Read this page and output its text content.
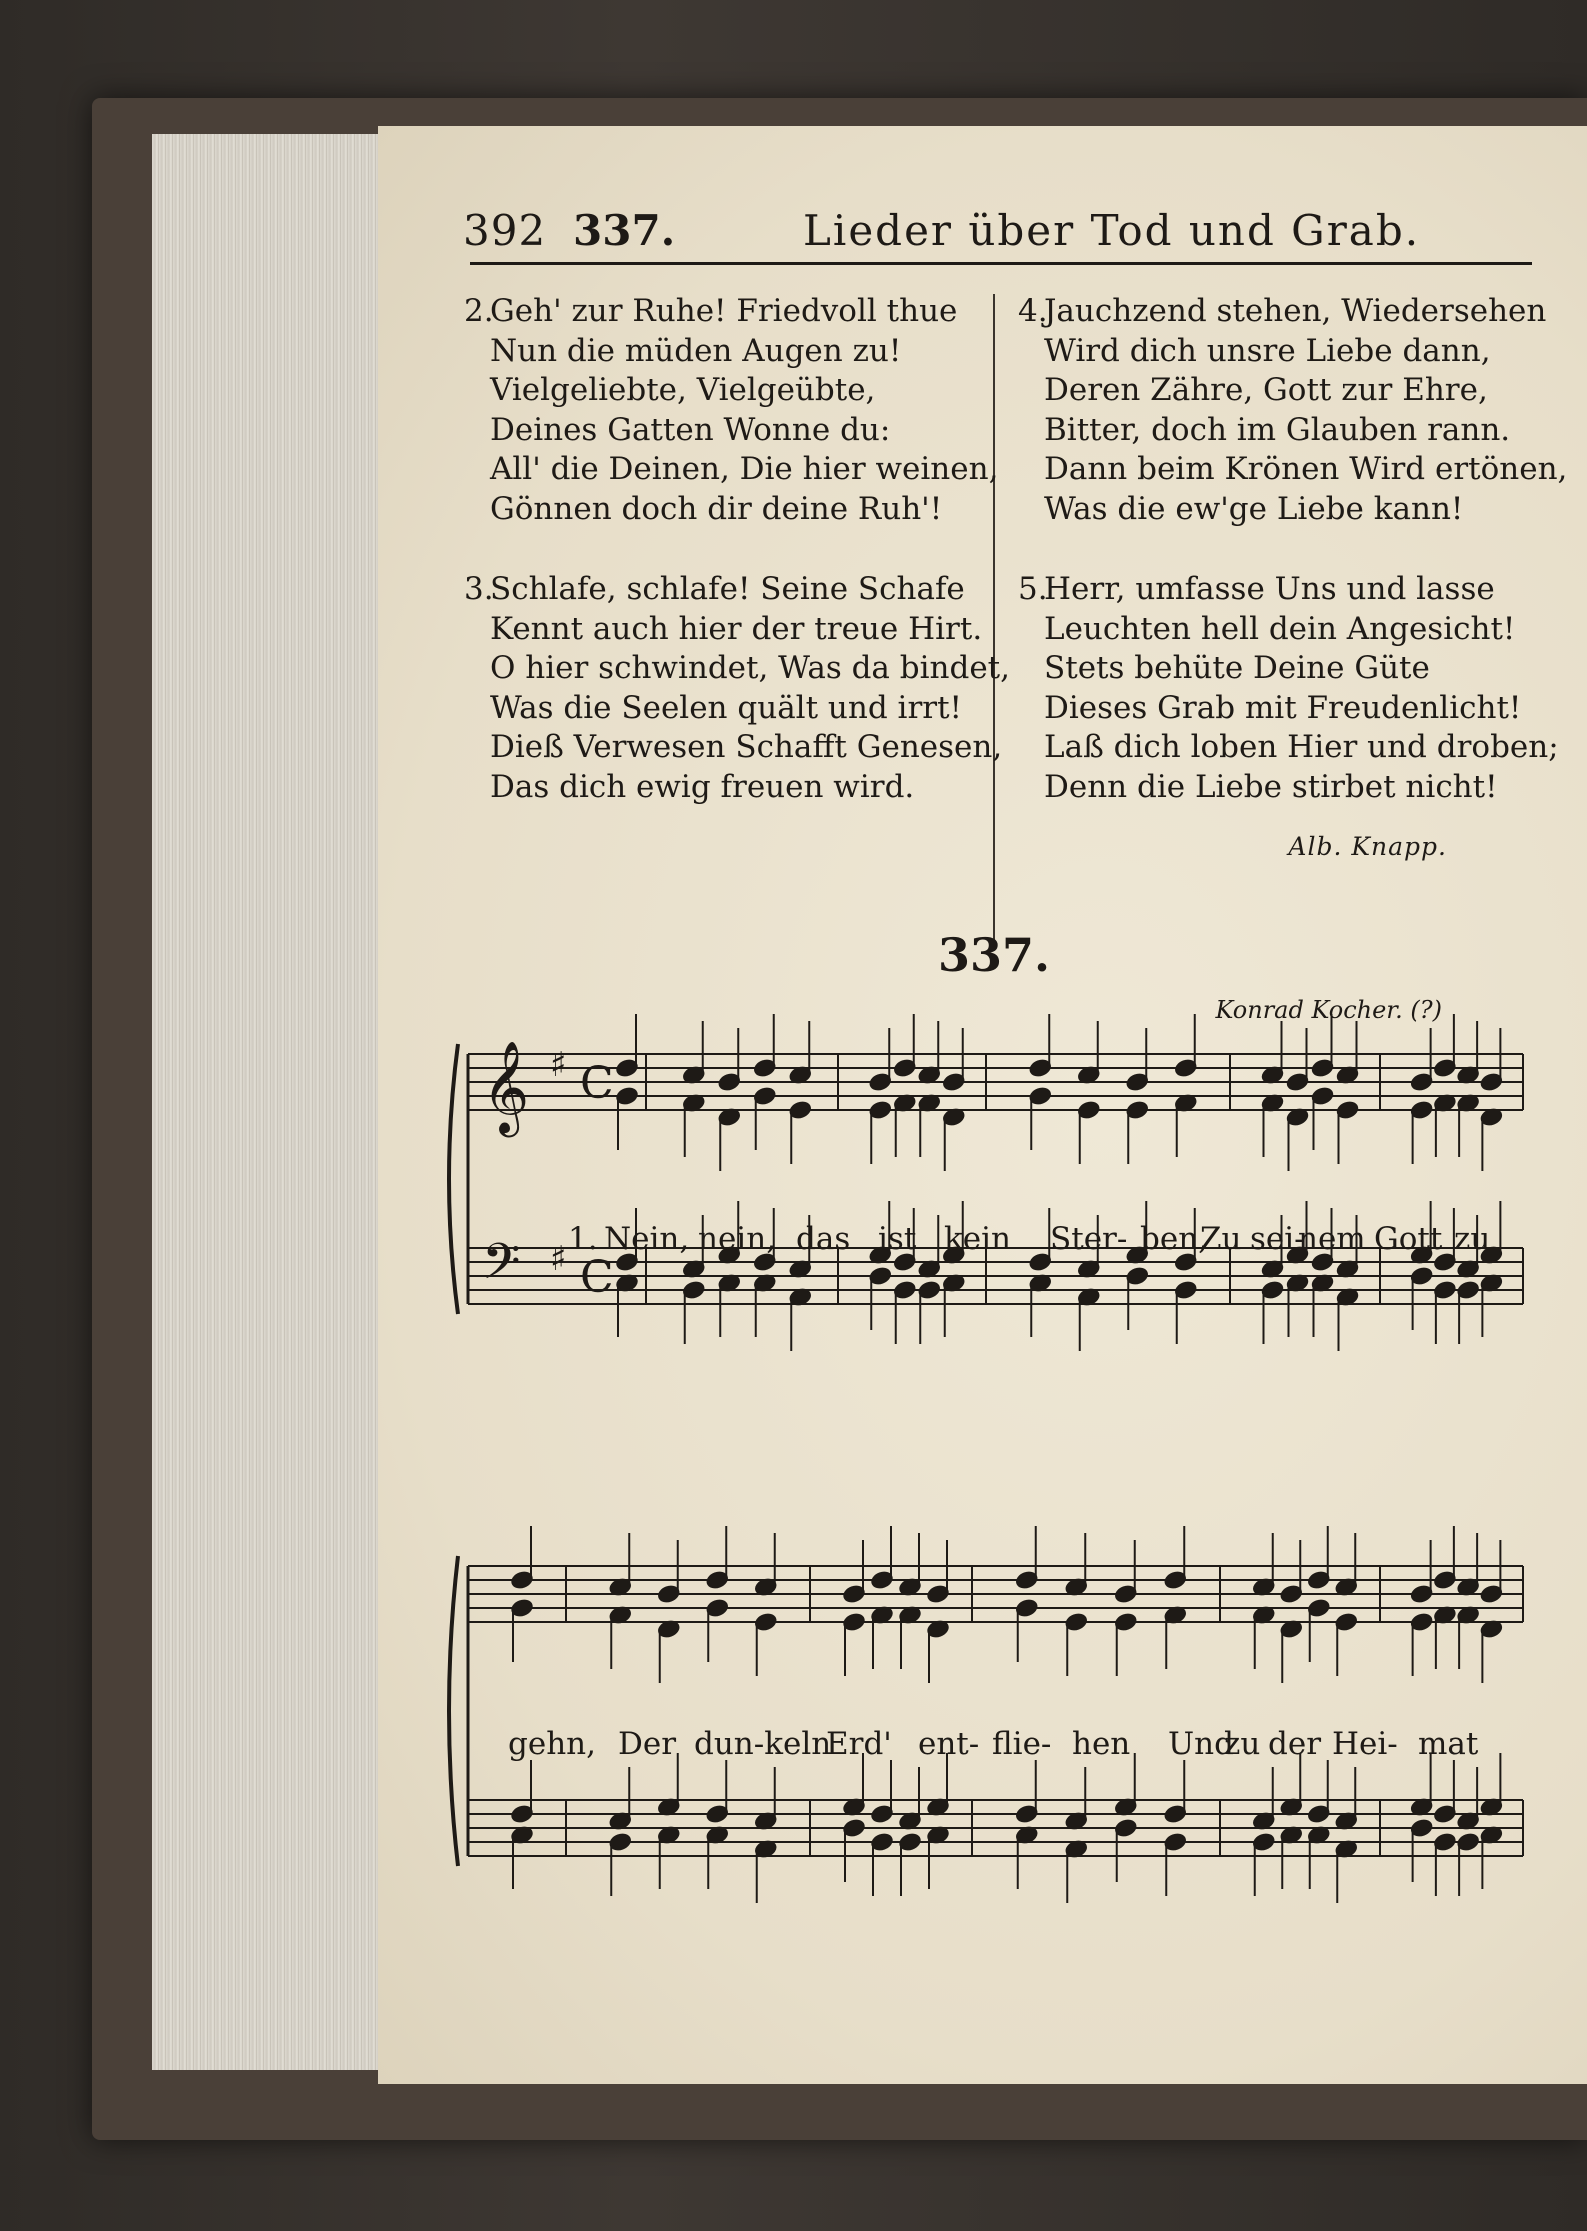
392 337.	Lieder über Tod und Grab.
2.Geh' zur Ruhe! Friedvoll thue
Nun die müden Augen zu!
Vielgeliebte, Vielgeübte,
Deines Gatten Wonne du:
All' die Deinen, Die hier weinen,
Gönnen doch dir deine Ruh'!
3.Schlafe, schlafe! Seine Schafe
Kennt auch hier der treue Hirt.
O hier schwindet, Was da bindet,
Was die Seelen quält und irrt!
Dieß Verwesen Schafft Genesen,
Das dich ewig freuen wird.
4.Jauchzend stehen, Wiedersehen
Wird dich unsre Liebe dann,
Deren Zähre, Gott zur Ehre,
Bitter, doch im Glauben rann.
Dann beim Krönen Wird ertönen,
Was die ew'ge Liebe kann!
5.Herr, umfasse Uns und lasse
Leuchten hell dein Angesicht!
Stets behüte Deine Güte
Dieses Grab mit Freudenlicht!
Laß dich loben Hier und droben;
Denn die Liebe stirbet nicht!
Alb. Knapp.
337.
Konrad Kocher. (?)
𝄞 ♯ C
𝄢 ♯ C
1. Nein, nein, das ist kein Ster- ben,
Zu sei-
nem Gott zu
gehn, Der dun-keln
Erd' ent- flie- hen Und
zu der Hei- mat
